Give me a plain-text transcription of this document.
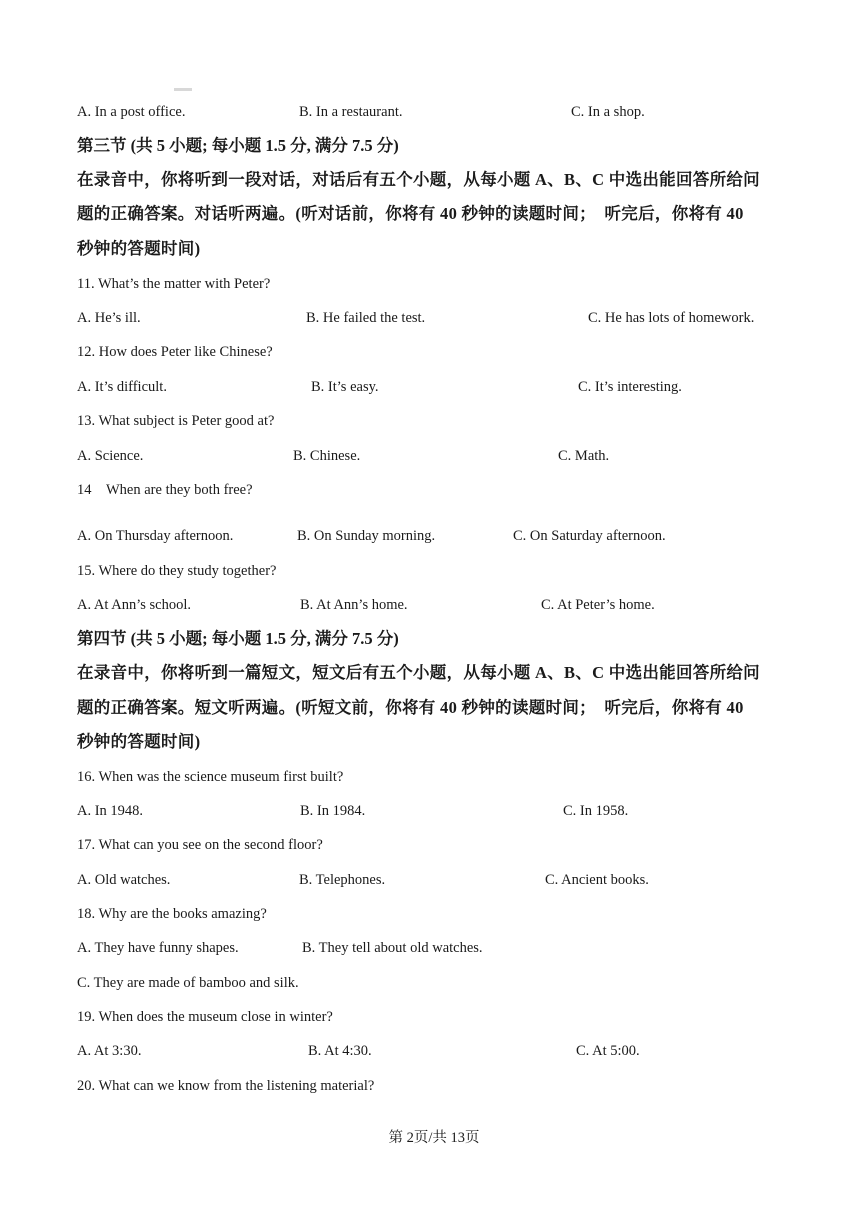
A. In a post office.	B. In a restaurant.	C. In a shop.
第三节 (共 5 小题; 每小题 1.5 分, 满分 7.5 分)
在录音中，你将听到一段对话，对话后有五个小题，从每小题 A、B、C 中选出能回答所给问
题的正确答案。对话听两遍。(听对话前，你将有 40 秒钟的读题时间；　听完后，你将有 40
秒钟的答题时间)
11. What’s the matter with Peter?
A. He’s ill.	B. He failed the test.	C. He has lots of homework.
12. How does Peter like Chinese?
A. It’s difficult.	B. It’s easy.	C. It’s interesting.
13. What subject is Peter good at?
A. Science.	B. Chinese.	C. Math.
14　When are they both free?
A. On Thursday afternoon.	B. On Sunday morning.	C. On Saturday afternoon.
15. Where do they study together?
A. At Ann’s school.	B. At Ann’s home.	C. At Peter’s home.
第四节 (共 5 小题; 每小题 1.5 分, 满分 7.5 分)
在录音中，你将听到一篇短文，短文后有五个小题，从每小题 A、B、C 中选出能回答所给问
题的正确答案。短文听两遍。(听短文前，你将有 40 秒钟的读题时间；　听完后，你将有 40
秒钟的答题时间)
16. When was the science museum first built?
A. In 1948.	B. In 1984.	C. In 1958.
17. What can you see on the second floor?
A. Old watches.	B. Telephones.	C. Ancient books.
18. Why are the books amazing?
A. They have funny shapes.	B. They tell about old watches.
C. They are made of bamboo and silk.
19. When does the museum close in winter?
A. At 3:30.	B. At 4:30.	C. At 5:00.
20. What can we know from the listening material?
第 2页/共 13页
